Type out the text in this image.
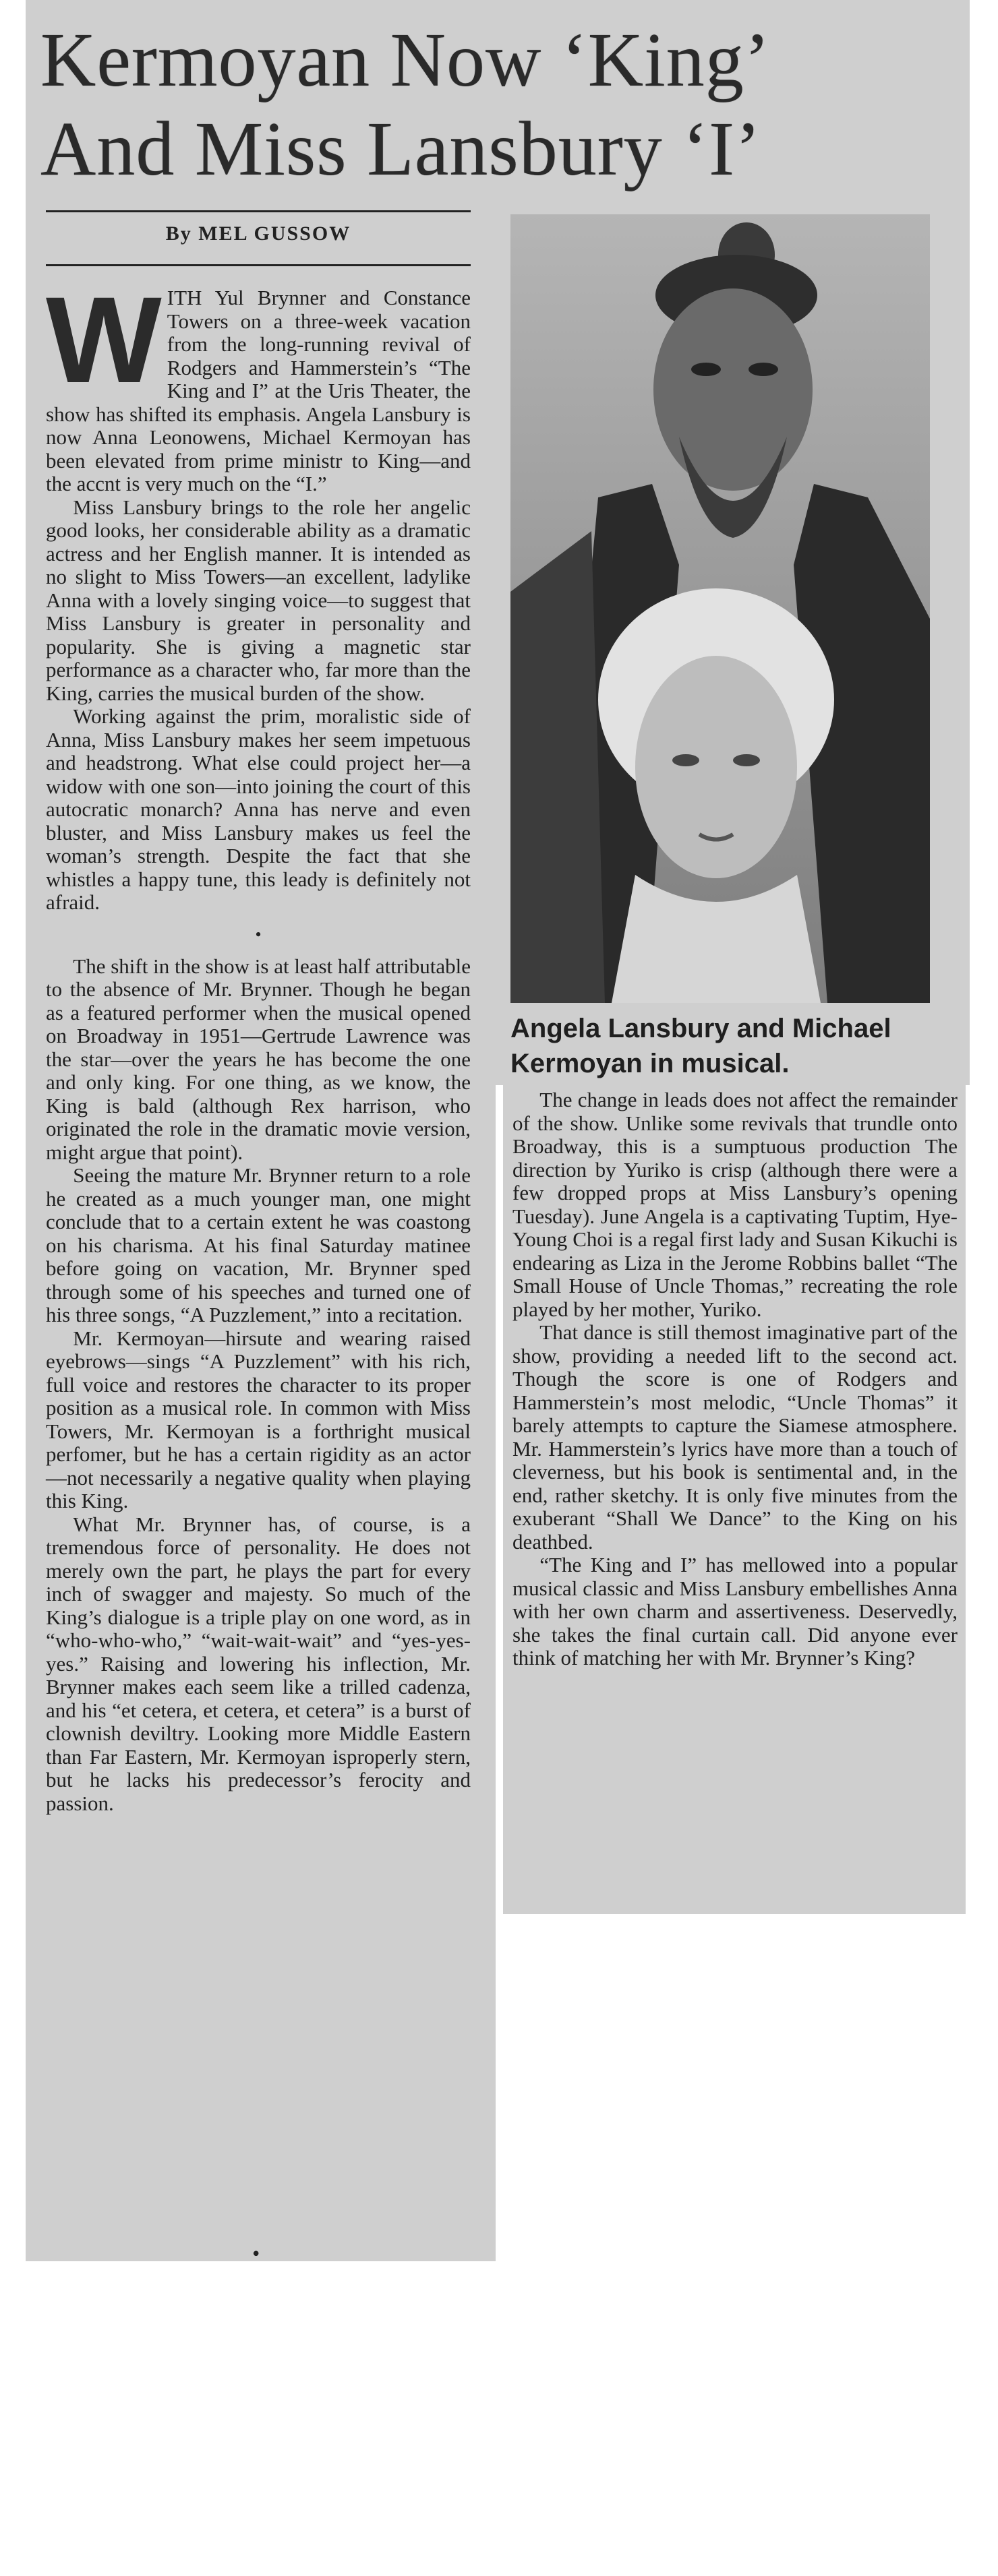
Kermoyan Now ‘King’
And Miss Lansbury ‘I’
By MEL GUSSOW

WITH Yul Brynner and Constance Towers on a three-week vacation from the long-running revival of Rodgers and Hammerstein’s “The King and I” at the Uris Theater, the show has shifted its emphasis. Angela Lansbury is now Anna Leonowens, Michael Kermoyan has been elevated from prime ministr to King—and the accnt is very much on the “I.”

Miss Lansbury brings to the role her angelic good looks, her considerable ability as a dramatic actress and her English manner. It is intended as no slight to Miss Towers—an excellent, ladylike Anna with a lovely singing voice—to suggest that Miss Lansbury is greater in personality and popularity. She is giving a magnetic star performance as a character who, far more than the King, carries the musical burden of the show.

Working against the prim, moralistic side of Anna, Miss Lansbury makes her seem impetuous and headstrong. What else could project her—a widow with one son—into joining the court of this autocratic monarch? Anna has nerve and even bluster, and Miss Lansbury makes us feel the woman’s strength. Despite the fact that she whistles a happy tune, this leady is definitely not afraid.

•

The shift in the show is at least half attributable to the absence of Mr. Brynner. Though he began as a featured performer when the musical opened on Broadway in 1951—Gertrude Lawrence was the star—over the years he has become the one and only king. For one thing, as we know, the King is bald (although Rex harrison, who originated the role in the dramatic movie version, might argue that point).

Seeing the mature Mr. Brynner return to a role he created as a much younger man, one might conclude that to a certain extent he was coastong on his charisma. At his final Saturday matinee before going on vacation, Mr. Brynner sped through some of his speeches and turned one of his three songs, “A Puzzlement,” into a recitation.

Mr. Kermoyan—hirsute and wearing raised eyebrows—sings “A Puzzlement” with his rich, full voice and restores the character to its proper position as a musical role. In common with Miss Towers, Mr. Kermoyan is a forthright musical perfomer, but he has a certain rigidity as an actor—not necessarily a negative quality when playing this King.

What Mr. Brynner has, of course, is a tremendous force of personality. He does not merely own the part, he plays the part for every inch of swagger and majesty. So much of the King’s dialogue is a triple play on one word, as in “who-who-who,” “wait-wait-wait” and “yes-yes-yes.” Raising and lowering his inflection, Mr. Brynner makes each seem like a trilled cadenza, and his “et cetera, et cetera, et cetera” is a burst of clownish deviltry. Looking more Middle Eastern than Far Eastern, Mr. Kermoyan isproperly stern, but he lacks his predecessor’s ferocity and passion.

Angela Lansbury and Michael Kermoyan in musical.

The change in leads does not affect the remainder of the show. Unlike some revivals that trundle onto Broadway, this is a sumptuous production The direction by Yuriko is crisp (although there were a few dropped props at Miss Lansbury’s opening Tuesday). June Angela is a captivating Tuptim, Hye-Young Choi is a regal first lady and Susan Kikuchi is endearing as Liza in the Jerome Robbins ballet “The Small House of Uncle Thomas,” recreating the role played by her mother, Yuriko.

That dance is still themost imaginative part of the show, providing a needed lift to the second act. Though the score is one of Rodgers and Hammerstein’s most melodic, “Uncle Thomas” it barely attempts to capture the Siamese atmosphere. Mr. Hammerstein’s lyrics have more than a touch of cleverness, but his book is sentimental and, in the end, rather sketchy. It is only five minutes from the exuberant “Shall We Dance” to the King on his deathbed.

“The King and I” has mellowed into a popular musical classic and Miss Lansbury embellishes Anna with her own charm and assertiveness. Deservedly, she takes the final curtain call. Did anyone ever think of matching her with Mr. Brynner’s King?

•
